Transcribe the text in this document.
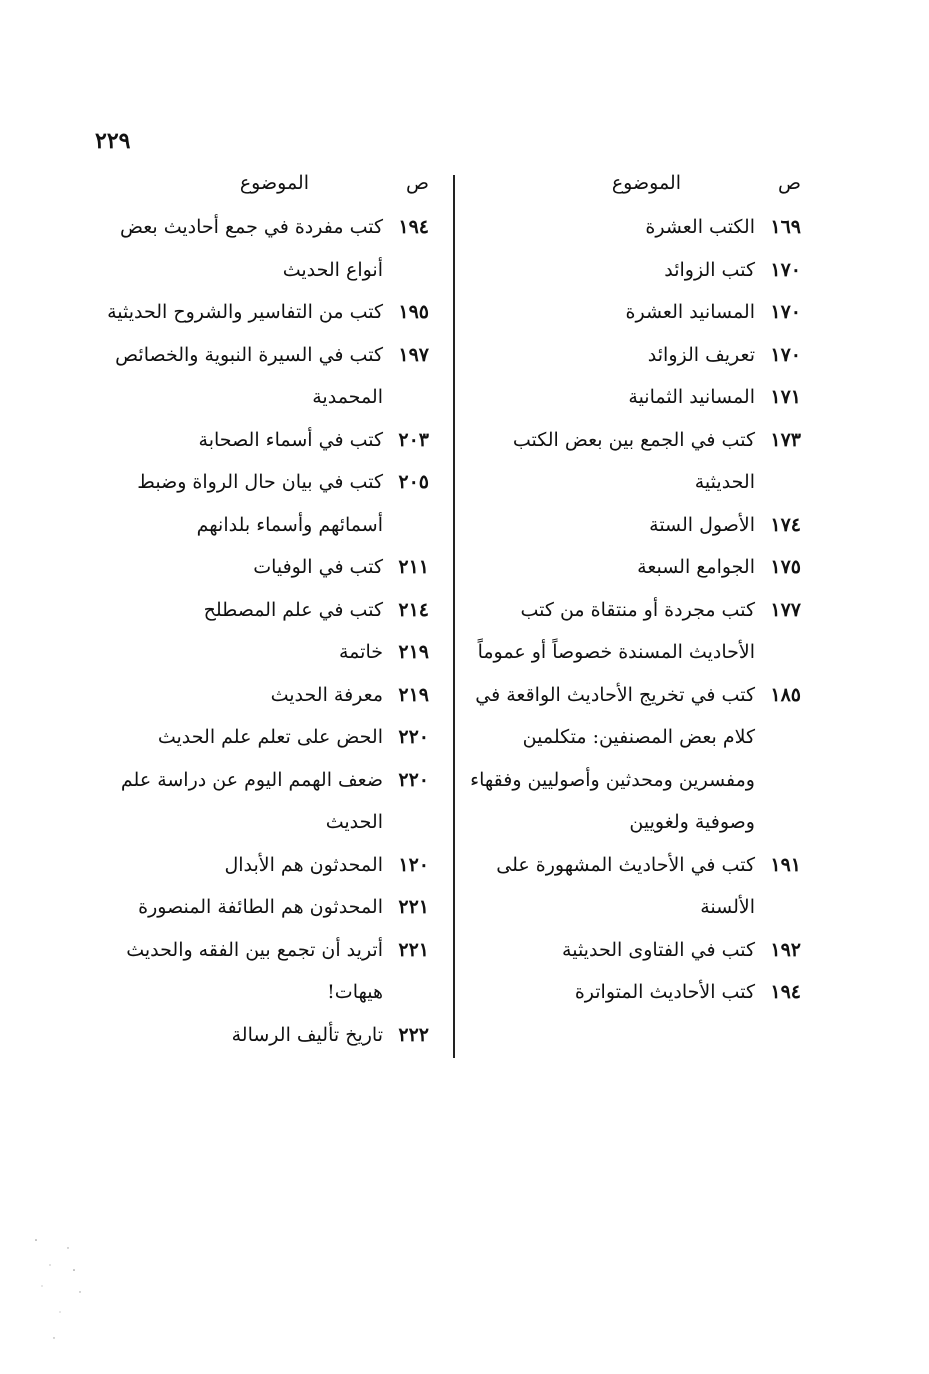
٢٢٩
ص
الموضوع
١٦٩
الكتب العشرة
١٧٠
كتب الزوائد
١٧٠
المسانيد العشرة
١٧٠
تعريف الزوائد
١٧١
المسانيد الثمانية
١٧٣
كتب في الجمع بين بعض الكتب الحديثية
١٧٤
الأصول الستة
١٧٥
الجوامع السبعة
١٧٧
كتب مجردة أو منتقاة من كتب الأحاديث المسندة خصوصاً أو عموماً
١٨٥
كتب في تخريج الأحاديث الواقعة في كلام بعض المصنفين: متكلمين ومفسرين ومحدثين وأصوليين وفقهاء وصوفية ولغويين
١٩١
كتب في الأحاديث المشهورة على الألسنة
١٩٢
كتب في الفتاوى الحديثية
١٩٤
كتب الأحاديث المتواترة
ص
الموضوع
١٩٤
كتب مفردة في جمع أحاديث بعض أنواع الحديث
١٩٥
كتب من التفاسير والشروح الحديثية
١٩٧
كتب في السيرة النبوية والخصائص المحمدية
٢٠٣
كتب في أسماء الصحابة
٢٠٥
كتب في بيان حال الرواة وضبط أسمائهم وأسماء بلدانهم
٢١١
كتب في الوفيات
٢١٤
كتب في علم المصطلح
٢١٩
خاتمة
٢١٩
معرفة الحديث
٢٢٠
الحض على تعلم علم الحديث
٢٢٠
ضعف الهمم اليوم عن دراسة علم الحديث
١٢٠
المحدثون هم الأبدال
٢٢١
المحدثون هم الطائفة المنصورة
٢٢١
أتريد أن تجمع بين الفقه والحديث هيهات!
٢٢٢
تاريخ تأليف الرسالة
